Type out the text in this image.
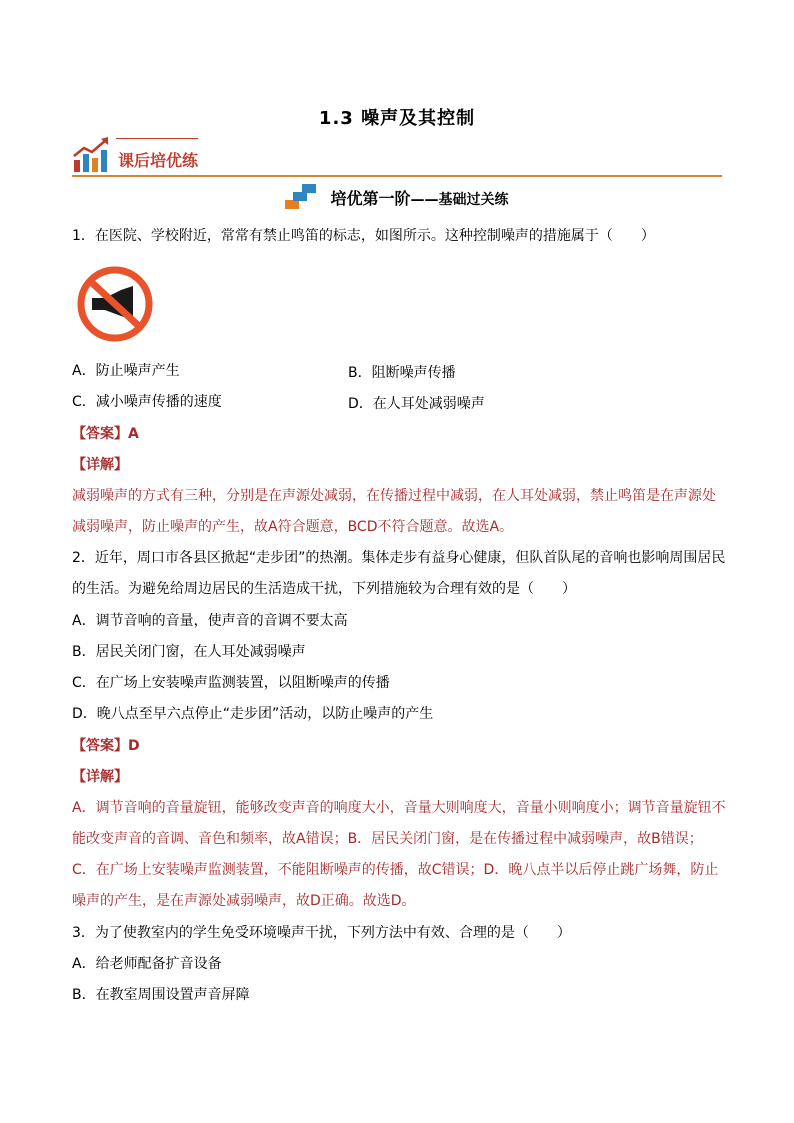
1.3 噪声及其控制
课后培优练
培优第一阶——基础过关练
1．在医院、学校附近，常常有禁止鸣笛的标志，如图所示。这种控制噪声的措施属于（　　）
A．防止噪声产生	B．阻断噪声传播
C．减小噪声传播的速度	D．在人耳处减弱噪声
【答案】A
【详解】
减弱噪声的方式有三种，分别是在声源处减弱，在传播过程中减弱，在人耳处减弱，禁止鸣笛是在声源处
减弱噪声，防止噪声的产生，故A符合题意，BCD不符合题意。故选A。
2．近年，周口市各县区掀起“走步团”的热潮。集体走步有益身心健康，但队首队尾的音响也影响周围居民
的生活。为避免给周边居民的生活造成干扰，下列措施较为合理有效的是（　　）
A．调节音响的音量，使声音的音调不要太高
B．居民关闭门窗，在人耳处减弱噪声
C．在广场上安装噪声监测装置，以阻断噪声的传播
D．晚八点至早六点停止“走步团”活动，以防止噪声的产生
【答案】D
【详解】
A．调节音响的音量旋钮，能够改变声音的响度大小，音量大则响度大，音量小则响度小；调节音量旋钮不
能改变声音的音调、音色和频率，故A错误；B．居民关闭门窗，是在传播过程中减弱噪声，故B错误；
C．在广场上安装噪声监测装置，不能阻断噪声的传播，故C错误；D．晚八点半以后停止跳广场舞，防止
噪声的产生，是在声源处减弱噪声，故D正确。故选D。
3．为了使教室内的学生免受环境噪声干扰，下列方法中有效、合理的是（　　）
A．给老师配备扩音设备
B．在教室周围设置声音屏障
